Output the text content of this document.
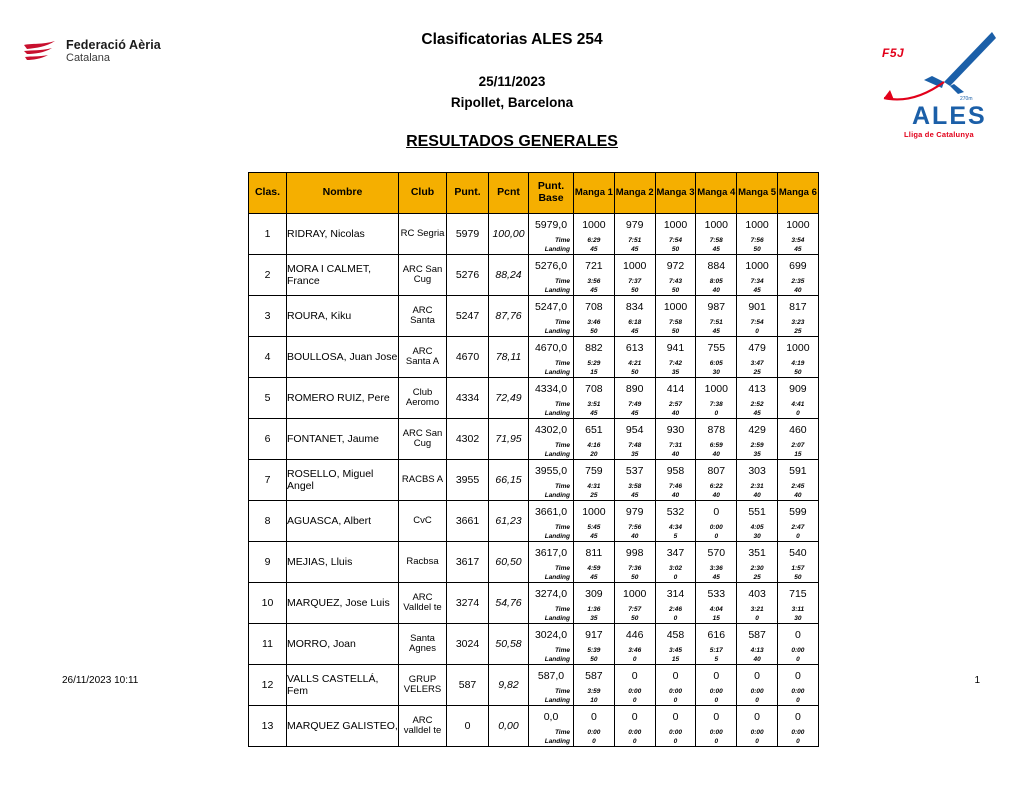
Federació Aèria
Catalana
Clasificatorias ALES 254
25/11/2023
Ripollet, Barcelona
RESULTADOS GENERALES
F5J
270m
ALES
Lliga de Catalunya
Clas.	Nombre	Club	Punt.	Pcnt	Punt. Base	Manga 1	Manga 2	Manga 3	Manga 4	Manga 5	Manga 6
1	RIDRAY, Nicolas	RC Segria	5979	100,00	5979,0	1000	979	1000	1000	1000	1000
					Time	6:29	7:51	7:54	7:58	7:56	3:54
					Landing	45	45	50	45	50	45
2	MORA I CALMET, France	ARC San Cug	5276	88,24	5276,0	721	1000	972	884	1000	699
					Time	3:56	7:37	7:43	8:05	7:34	2:35
					Landing	45	50	50	40	45	40
3	ROURA, Kiku	ARC Santa	5247	87,76	5247,0	708	834	1000	987	901	817
					Time	3:46	6:18	7:58	7:51	7:54	3:23
					Landing	50	45	50	45	0	25
4	BOULLOSA, Juan Jose	ARC Santa A	4670	78,11	4670,0	882	613	941	755	479	1000
					Time	5:29	4:21	7:42	6:05	3:47	4:19
					Landing	15	50	35	30	25	50
5	ROMERO RUIZ, Pere	Club Aeromo	4334	72,49	4334,0	708	890	414	1000	413	909
					Time	3:51	7:49	2:57	7:38	2:52	4:41
					Landing	45	45	40	0	45	0
6	FONTANET, Jaume	ARC San Cug	4302	71,95	4302,0	651	954	930	878	429	460
					Time	4:16	7:48	7:31	6:59	2:59	2:07
					Landing	20	35	40	40	35	15
7	ROSELLO, Miguel Angel	RACBS A	3955	66,15	3955,0	759	537	958	807	303	591
					Time	4:31	3:58	7:46	6:22	2:31	2:45
					Landing	25	45	40	40	40	40
8	AGUASCA, Albert	CvC	3661	61,23	3661,0	1000	979	532	0	551	599
					Time	5:45	7:56	4:34	0:00	4:05	2:47
					Landing	45	40	5	0	30	0
9	MEJIAS, Lluis	Racbsa	3617	60,50	3617,0	811	998	347	570	351	540
					Time	4:59	7:36	3:02	3:36	2:30	1:57
					Landing	45	50	0	45	25	50
10	MARQUEZ, Jose Luis	ARC Valldel te	3274	54,76	3274,0	309	1000	314	533	403	715
					Time	1:36	7:57	2:46	4:04	3:21	3:11
					Landing	35	50	0	15	0	30
11	MORRO, Joan	Santa Agnes	3024	50,58	3024,0	917	446	458	616	587	0
					Time	5:39	3:46	3:45	5:17	4:13	0:00
					Landing	50	0	15	5	40	0
12	VALLS CASTELLÁ, Fem	GRUP VELERS	587	9,82	587,0	587	0	0	0	0	0
					Time	3:59	0:00	0:00	0:00	0:00	0:00
					Landing	10	0	0	0	0	0
13	MARQUEZ GALISTEO,	ARC valldel te	0	0,00	0,0	0	0	0	0	0	0
					Time	0:00	0:00	0:00	0:00	0:00	0:00
					Landing	0	0	0	0	0	0
26/11/2023 10:11	1
